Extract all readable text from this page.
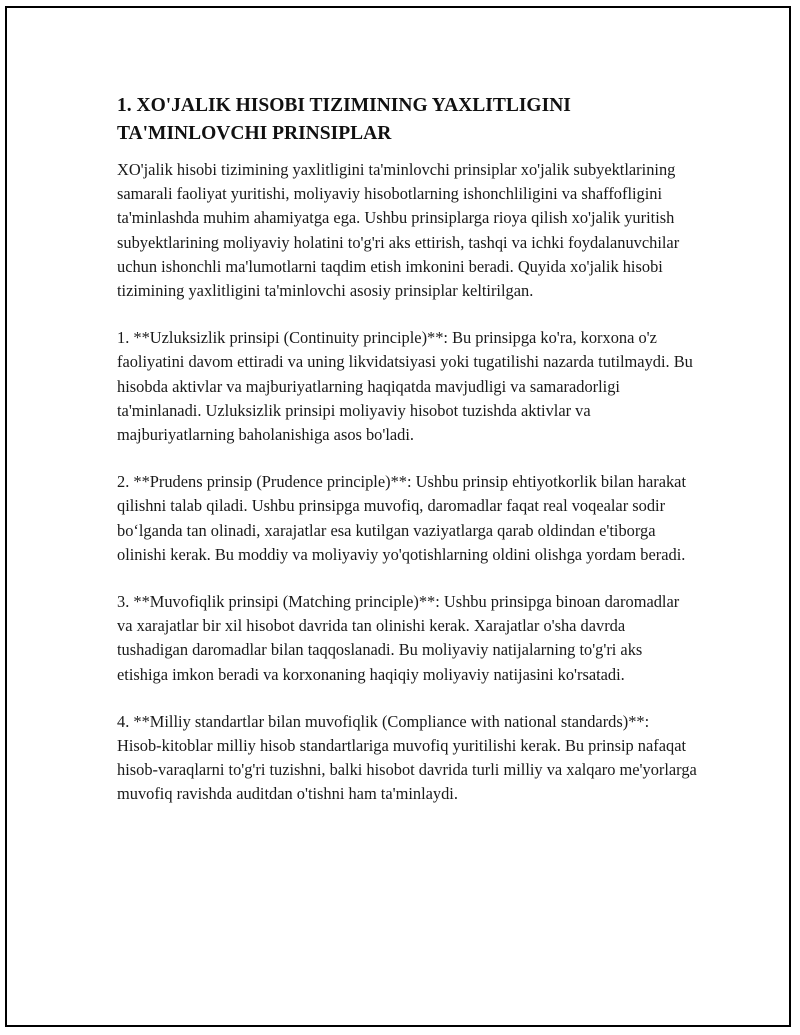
1. XO'JALIK HISOBI TIZIMINING YAXLITLIGINI TA'MINLOVCHI PRINSIPLAR

XO'jalik hisobi tizimining yaxlitligini ta'minlovchi prinsiplar xo'jalik subyektlarining samarali faoliyat yuritishi, moliyaviy hisobotlarning ishonchliligini va shaffofligini ta'minlashda muhim ahamiyatga ega. Ushbu prinsiplarga rioya qilish xo'jalik yuritish subyektlarining moliyaviy holatini to'g'ri aks ettirish, tashqi va ichki foydalanuvchilar uchun ishonchli ma'lumotlarni taqdim etish imkonini beradi. Quyida xo'jalik hisobi tizimining yaxlitligini ta'minlovchi asosiy prinsiplar keltirilgan.

1. **Uzluksizlik prinsipi (Continuity principle)**: Bu prinsipga ko'ra, korxona o'z faoliyatini davom ettiradi va uning likvidatsiyasi yoki tugatilishi nazarda tutilmaydi. Bu hisobda aktivlar va majburiyatlarning haqiqatda mavjudligi va samaradorligi ta'minlanadi. Uzluksizlik prinsipi moliyaviy hisobot tuzishda aktivlar va majburiyatlarning baholanishiga asos bo'ladi.

2. **Prudens prinsip (Prudence principle)**: Ushbu prinsip ehtiyotkorlik bilan harakat qilishni talab qiladi. Ushbu prinsipga muvofiq, daromadlar faqat real voqealar sodir bo‘lganda tan olinadi, xarajatlar esa kutilgan vaziyatlarga qarab oldindan e'tiborga olinishi kerak. Bu moddiy va moliyaviy yo'qotishlarning oldini olishga yordam beradi.

3. **Muvofiqlik prinsipi (Matching principle)**: Ushbu prinsipga binoan daromadlar va xarajatlar bir xil hisobot davrida tan olinishi kerak. Xarajatlar o'sha davrda tushadigan daromadlar bilan taqqoslanadi. Bu moliyaviy natijalarning to'g'ri aks etishiga imkon beradi va korxonaning haqiqiy moliyaviy natijasini ko'rsatadi.

4. **Milliy standartlar bilan muvofiqlik (Compliance with national standards)**: Hisob-kitoblar milliy hisob standartlariga muvofiq yuritilishi kerak. Bu prinsip nafaqat hisob-varaqlarni to'g'ri tuzishni, balki hisobot davrida turli milliy va xalqaro me'yorlarga muvofiq ravishda auditdan o'tishni ham ta'minlaydi.
